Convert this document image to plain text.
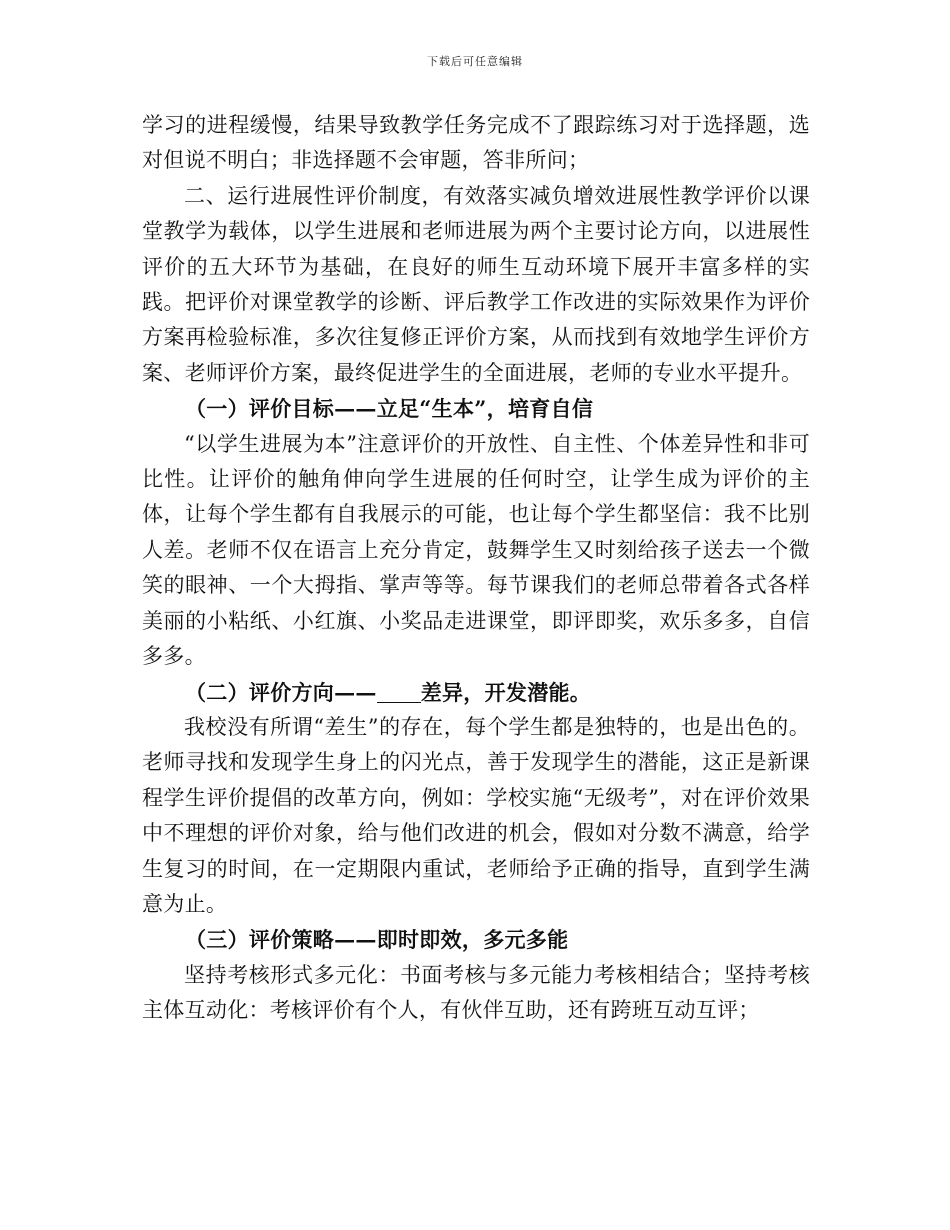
下载后可任意编辑

学习的进程缓慢，结果导致教学任务完成不了跟踪练习对于选择题，选对但说不明白；非选择题不会审题，答非所问；

二、运行进展性评价制度，有效落实减负增效进展性教学评价以课堂教学为载体，以学生进展和老师进展为两个主要讨论方向，以进展性评价的五大环节为基础，在良好的师生互动环境下展开丰富多样的实践。把评价对课堂教学的诊断、评后教学工作改进的实际效果作为评价方案再检验标准，多次往复修正评价方案，从而找到有效地学生评价方案、老师评价方案，最终促进学生的全面进展，老师的专业水平提升。

（一）评价目标——立足“生本”，培育自信

“以学生进展为本”注意评价的开放性、自主性、个体差异性和非可比性。让评价的触角伸向学生进展的任何时空，让学生成为评价的主体，让每个学生都有自我展示的可能，也让每个学生都坚信：我不比别人差。老师不仅在语言上充分肯定，鼓舞学生又时刻给孩子送去一个微笑的眼神、一个大拇指、掌声等等。每节课我们的老师总带着各式各样美丽的小粘纸、小红旗、小奖品走进课堂，即评即奖，欢乐多多，自信多多。

（二）评价方向—— 差异，开发潜能。

我校没有所谓“差生”的存在，每个学生都是独特的，也是出色的。老师寻找和发现学生身上的闪光点，善于发现学生的潜能，这正是新课程学生评价提倡的改革方向，例如：学校实施“无级考”，对在评价效果中不理想的评价对象，给与他们改进的机会，假如对分数不满意，给学生复习的时间，在一定期限内重试，老师给予正确的指导，直到学生满意为止。

（三）评价策略——即时即效，多元多能

坚持考核形式多元化：书面考核与多元能力考核相结合；坚持考核主体互动化：考核评价有个人，有伙伴互助，还有跨班互动互评；
